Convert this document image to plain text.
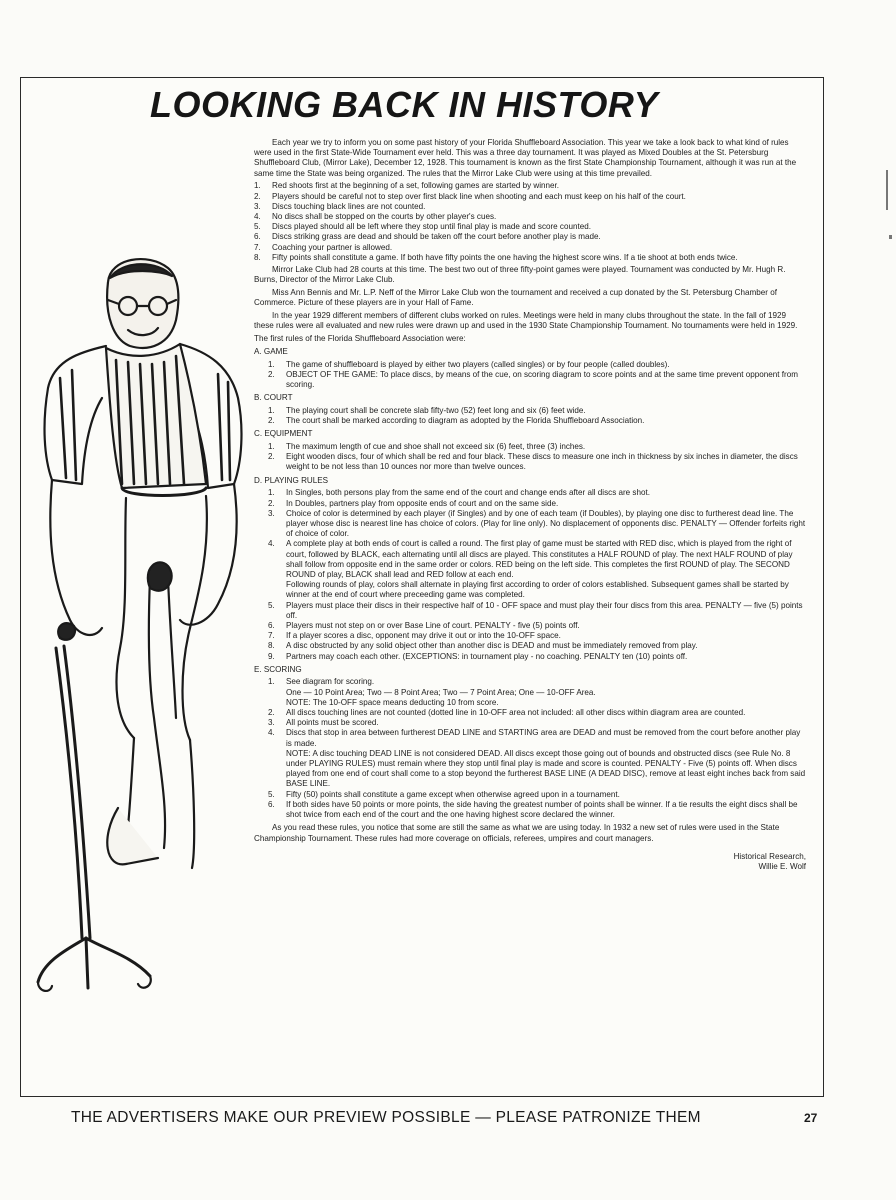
LOOKING BACK IN HISTORY

Each year we try to inform you on some past history of your Florida Shuffleboard Association. This year we take a look back to what kind of rules were used in the first State-Wide Tournament ever held. This was a three day tournament. It was played as Mixed Doubles at the St. Petersburg Shuffleboard Club, (Mirror Lake), December 12, 1928. This tournament is known as the first State Championship Tournament, although it was run at the same time the State was being organized. The rules that the Mirror Lake Club were using at this time prevailed.

1. Red shoots first at the beginning of a set, following games are started by winner.
2. Players should be careful not to step over first black line when shooting and each must keep on his half of the court.
3. Discs touching black lines are not counted.
4. No discs shall be stopped on the courts by other player's cues.
5. Discs played should all be left where they stop until final play is made and score counted.
6. Discs striking grass are dead and should be taken off the court before another play is made.
7. Coaching your partner is allowed.
8. Fifty points shall constitute a game. If both have fifty points the one having the highest score wins. If a tie shoot at both ends twice.

Mirror Lake Club had 28 courts at this time. The best two out of three fifty-point games were played. Tournament was conducted by Mr. Hugh R. Burns, Director of the Mirror Lake Club.

Miss Ann Bennis and Mr. L.P. Neff of the Mirror Lake Club won the tournament and received a cup donated by the St. Petersburg Chamber of Commerce. Picture of these players are in your Hall of Fame.

In the year 1929 different members of different clubs worked on rules. Meetings were held in many clubs throughout the state. In the fall of 1929 these rules were all evaluated and new rules were drawn up and used in the 1930 State Championship Tournament. No tournaments were held in 1929.

The first rules of the Florida Shuffleboard Association were:

A. GAME

1. The game of shuffleboard is played by either two players (called singles) or by four people (called doubles).
2. OBJECT OF THE GAME: To place discs, by means of the cue, on scoring diagram to score points and at the same time prevent opponent from scoring.

B. COURT

1. The playing court shall be concrete slab fifty-two (52) feet long and six (6) feet wide.
2. The court shall be marked according to diagram as adopted by the Florida Shuffleboard Association.

C. EQUIPMENT

1. The maximum length of cue and shoe shall not exceed six (6) feet, three (3) inches.
2. Eight wooden discs, four of which shall be red and four black. These discs to measure one inch in thickness by six inches in diameter, the discs weight to be not less than 10 ounces nor more than twelve ounces.

D. PLAYING RULES

1. In Singles, both persons play from the same end of the court and change ends after all discs are shot.
2. In Doubles, partners play from opposite ends of court and on the same side.
3. Choice of color is determined by each player (if Singles) and by one of each team (if Doubles), by playing one disc to furtherest dead line. The player whose disc is nearest line has choice of colors. (Play for line only). No displacement of opponents disc. PENALTY — Offender forfeits right of choice of color.
4. A complete play at both ends of court is called a round. The first play of game must be started with RED disc, which is played from the right of court, followed by BLACK, each alternating until all discs are played. This constitutes a HALF ROUND of play. The next HALF ROUND of play shall follow from opposite end in the same order or colors. RED being on the left side. This completes the first ROUND of play. The SECOND ROUND of play, BLACK shall lead and RED follow at each end.
Following rounds of play, colors shall alternate in playing first according to order of colors established. Subsequent games shall be started by winner at the end of court where preceeding game was completed.
5. Players must place their discs in their respective half of 10 - OFF space and must play their four discs from this area. PENALTY — five (5) points off.
6. Players must not step on or over Base Line of court. PENALTY - five (5) points off.
7. If a player scores a disc, opponent may drive it out or into the 10-OFF space.
8. A disc obstructed by any solid object other than another disc is DEAD and must be immediately removed from play.
9. Partners may coach each other. (EXCEPTIONS: in tournament play - no coaching. PENALTY ten (10) points off.

E. SCORING

1. See diagram for scoring.
One — 10 Point Area; Two — 8 Point Area; Two — 7 Point Area; One — 10-OFF Area.
NOTE: The 10-OFF space means deducting 10 from score.
2. All discs touching lines are not counted (dotted line in 10-OFF area not included: all other discs within diagram area are counted.
3. All points must be scored.
4. Discs that stop in area between furtherest DEAD LINE and STARTING area are DEAD and must be removed from the court before another play is made.
NOTE: A disc touching DEAD LINE is not considered DEAD. All discs except those going out of bounds and obstructed discs (see Rule No. 8 under PLAYING RULES) must remain where they stop until final play is made and score is counted. PENALTY - Five (5) points off. When discs played from one end of court shall come to a stop beyond the furtherest BASE LINE (A DEAD DISC), remove at least eight inches back from said BASE LINE.
5. Fifty (50) points shall constitute a game except when otherwise agreed upon in a tournament.
6. If both sides have 50 points or more points, the side having the greatest number of points shall be winner. If a tie results the eight discs shall be shot twice from each end of the court and the one having highest score declared the winner.

As you read these rules, you notice that some are still the same as what we are using today. In 1932 a new set of rules were used in the State Championship Tournament. These rules had more coverage on officials, referees, umpires and court managers.

Historical Research,
Willie E. Wolf

THE ADVERTISERS MAKE OUR PREVIEW POSSIBLE — PLEASE PATRONIZE THEM	27
